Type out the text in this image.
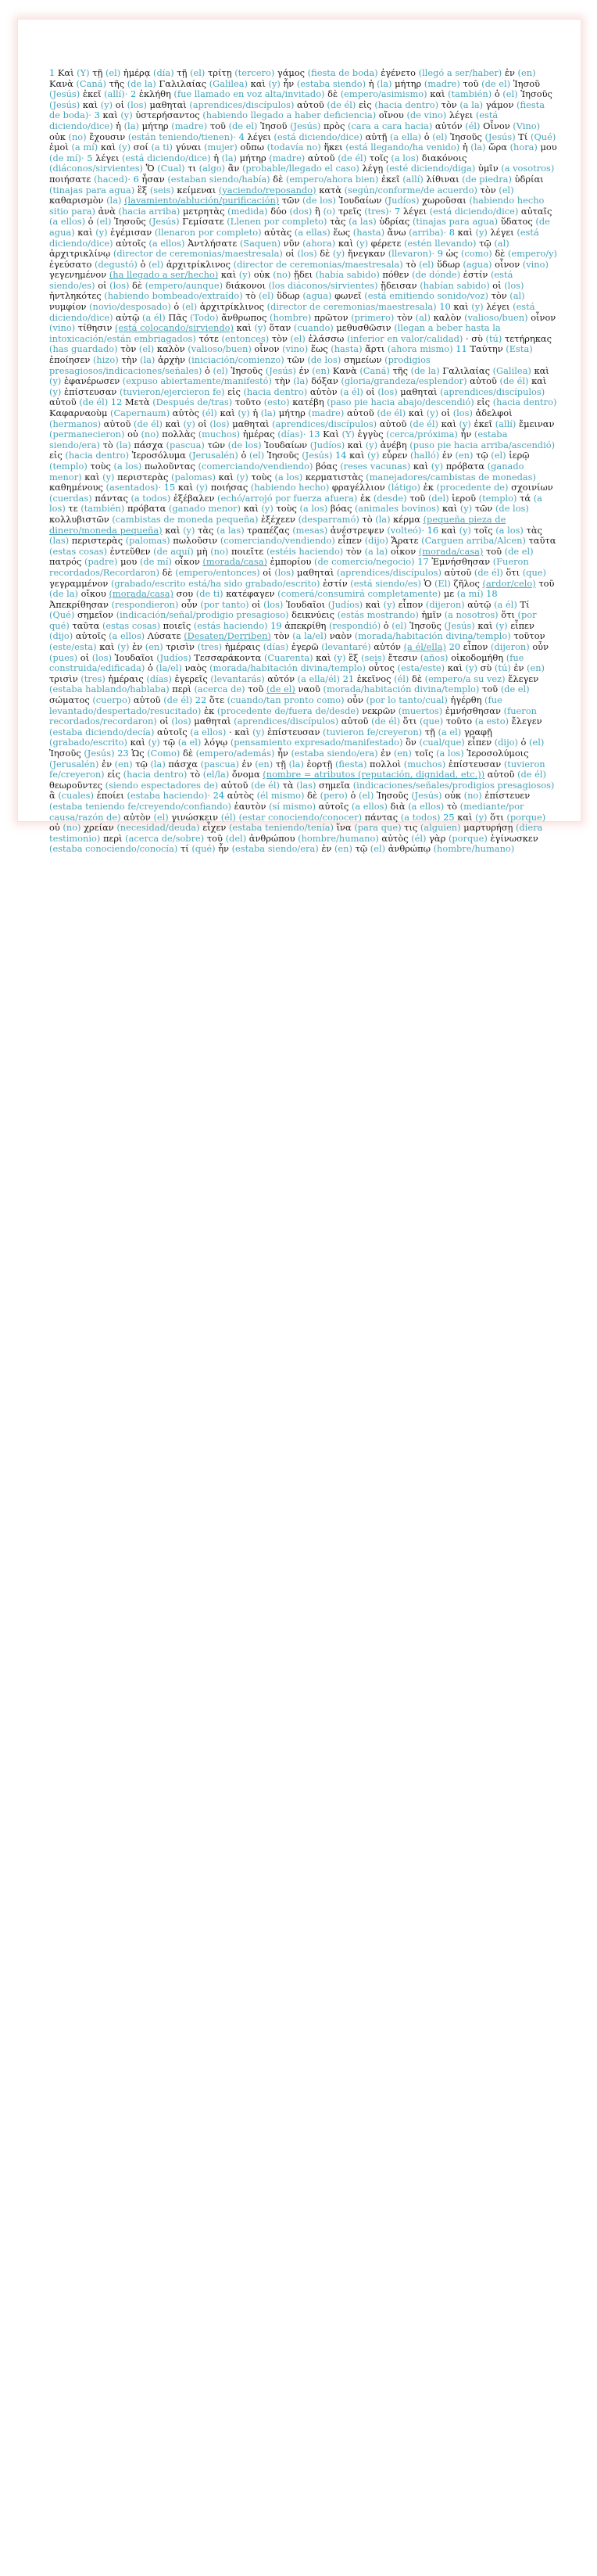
1 Καὶ (Y) τῇ (el) ἡμέρᾳ (día) τῇ (el) τρίτῃ (tercero) γάμος (fiesta de boda) ἐγένετο (llegó a ser/haber) ἐν (en) Κανὰ (Caná) τῆς (de la) Γαλιλαίας (Galilea) καὶ (y) ἦν (estaba siendo) ἡ (la) μήτηρ (madre) τοῦ (de el) Ἰησοῦ (Jesús) ἐκεῖ (allí)· 2 ἐκλήθη (fue llamado en voz alta/invitado) δὲ (empero/asimismo) καὶ (también) ὁ (el) Ἰησοῦς (Jesús) καὶ (y) οἱ (los) μαθηταὶ (aprendices/discípulos) αὐτοῦ (de él) εἰς (hacia dentro) τὸν (a la) γάμον (fiesta de boda)· 3 καὶ (y) ὑστερήσαντος (habiendo llegado a haber deficiencia) οἴνου (de vino) λέγει (está diciendo/dice) ἡ (la) μήτηρ (madre) τοῦ (de el) Ἰησοῦ (Jesús) πρὸς (cara a cara hacia) αὐτόν (él) Οἶνον (Vino) οὐκ (no) ἔχουσιν (están teniendo/tienen)· 4 λέγει (está diciendo/dice) αὐτῇ (a ella) ὁ (el) Ἰησοῦς (Jesús) Τί (Qué) ἐμοὶ (a mí) καὶ (y) σοί (a ti) γύναι (mujer) οὔπω (todavía no) ἥκει (está llegando/ha venido) ἡ (la) ὥρα (hora) μου (de mí)· 5 λέγει (está diciendo/dice) ἡ (la) μήτηρ (madre) αὐτοῦ (de él) τοῖς (a los) διακόνοις (diáconos/sirvientes) Ὅ (Cual) τι (algo) ἂν (probable/llegado el caso) λέγῃ (esté diciendo/diga) ὑμῖν (a vosotros) ποιήσατε (haced)· 6 ἦσαν (estaban siendo/había) δὲ (empero/ahora bien) ἐκεῖ (allí) λίθιναι (de piedra) ὑδρίαι (tinajas para agua) ἓξ (seis) κείμεναι (yaciendo/reposando) κατὰ (según/conforme/de acuerdo) τὸν (el) καθαρισμὸν (la) (lavamiento/ablución/purificación) τῶν (de los) Ἰουδαίων (Judíos) χωροῦσαι (habiendo hecho sitio para) ἀνὰ (hacia arriba) μετρητὰς (medida) δύο (dos) ἢ (o) τρεῖς (tres)· 7 λέγει (está diciendo/dice) αὐταῖς (a ellos) ὁ (el) Ἰησοῦς (Jesús) Γεμίσατε (Llenen por completo) τὰς (a las) ὑδρίας (tinajas para agua) ὕδατος (de agua) καὶ (y) ἐγέμισαν (llenaron por completo) αὐτὰς (a ellas) ἕως (hasta) ἄνω (arriba)· 8 καὶ (y) λέγει (está diciendo/dice) αὐτοῖς (a ellos) Ἀντλήσατε (Saquen) νῦν (ahora) καὶ (y) φέρετε (estén llevando) τῷ (al) ἀρχιτρικλίνῳ (director de ceremonias/maestresala) οἱ (los) δὲ (y) ἤνεγκαν (llevaron)· 9 ὡς (como) δὲ (empero/y) ἐγεύσατο (degustó) ὁ (el) ἀρχιτρίκλινος (director de ceremonias/maestresala) τὸ (el) ὕδωρ (agua) οἶνον (vino) γεγενημένον (ha llegado a ser/hecho) καὶ (y) οὐκ (no) ᾔδει (había sabido) πόθεν (de dónde) ἐστίν (está siendo/es) οἱ (los) δὲ (empero/aunque) διάκονοι (los diáconos/sirvientes) ᾔδεισαν (habían sabido) οἱ (los) ἠντληκότες (habiendo bombeado/extraído) τὸ (el) ὕδωρ (agua) φωνεῖ (está emitiendo sonido/voz) τὸν (al) νυμφίον (novio/desposado) ὁ (el) ἀρχιτρίκλινος (director de ceremonias/maestresala) 10 καὶ (y) λέγει (está diciendo/dice) αὐτῷ (a él) Πᾶς (Todo) ἄνθρωπος (hombre) πρῶτον (primero) τὸν (al) καλὸν (valioso/buen) οἶνον (vino) τίθησιν (está colocando/sirviendo) καὶ (y) ὅταν (cuando) μεθυσθῶσιν (llegan a beber hasta la intoxicación/están embriagados) τότε (entonces) τὸν (el) ἐλάσσω (inferior en valor/calidad) · σὺ (tú) τετήρηκας (has guardado) τὸν (el) καλὸν (valioso/buen) οἶνον (vino) ἕως (hasta) ἄρτι (ahora mismo) 11 Ταύτην (Esta) ἐποίησεν (hizo) τὴν (la) ἀρχὴν (iniciación/comienzo) τῶν (de los) σημείων (prodigios presagiosos/indicaciones/señales) ὁ (el) Ἰησοῦς (Jesús) ἐν (en) Κανὰ (Caná) τῆς (de la) Γαλιλαίας (Galilea) καὶ (y) ἐφανέρωσεν (expuso abiertamente/manifestó) τὴν (la) δόξαν (gloria/grandeza/esplendor) αὐτοῦ (de él) καὶ (y) ἐπίστευσαν (tuvieron/ejercieron fe) εἰς (hacia dentro) αὐτὸν (a él) οἱ (los) μαθηταὶ (aprendices/discípulos) αὐτοῦ (de él) 12 Μετὰ (Después de/tras) τοῦτο (esto) κατέβη (paso pie hacia abajo/descendió) εἰς (hacia dentro) Καφαρναοὺμ (Capernaum) αὐτὸς (él) καὶ (y) ἡ (la) μήτηρ (madre) αὐτοῦ (de él) καὶ (y) οἱ (los) ἀδελφοὶ (hermanos) αὐτοῦ (de él) καὶ (y) οἱ (los) μαθηταὶ (aprendices/discípulos) αὐτοῦ (de él) καὶ (y) ἐκεῖ (allí) ἔμειναν (permanecieron) οὐ (no) πολλὰς (muchos) ἡμέρας (días)· 13 Καὶ (Y) ἐγγὺς (cerca/próxima) ἦν (estaba siendo/era) τὸ (la) πάσχα (pascua) τῶν (de los) Ἰουδαίων (Judíos) καὶ (y) ἀνέβη (puso pie hacia arriba/ascendió) εἰς (hacia dentro) Ἱεροσόλυμα (Jerusalén) ὁ (el) Ἰησοῦς (Jesús) 14 καὶ (y) εὗρεν (halló) ἐν (en) τῷ (el) ἱερῷ (templo) τοὺς (a los) πωλοῦντας (comerciando/vendiendo) βόας (reses vacunas) καὶ (y) πρόβατα (ganado menor) καὶ (y) περιστερὰς (palomas) καὶ (y) τοὺς (a los) κερματιστὰς (manejadores/cambistas de monedas) καθημένους (asentados)· 15 καὶ (y) ποιήσας (habiendo hecho) φραγέλλιον (látigo) ἐκ (procedente de) σχοινίων (cuerdas) πάντας (a todos) ἐξέβαλεν (echó/arrojó por fuerza afuera) ἐκ (desde) τοῦ (del) ἱεροῦ (templo) τά (a los) τε (también) πρόβατα (ganado menor) καὶ (y) τοὺς (a los) βόας (animales bovinos) καὶ (y) τῶν (de los) κολλυβιστῶν (cambistas de moneda pequeña) ἐξέχεεν (desparramó) τὸ (la) κέρμα (pequeña pieza de dinero/moneda pequeña) καὶ (y) τὰς (a las) τραπέζας (mesas) ἀνέστρεψεν (volteó)· 16 καὶ (y) τοῖς (a los) τὰς (las) περιστερὰς (palomas) πωλοῦσιν (comerciando/vendiendo) εἶπεν (dijo) Ἄρατε (Carguen arriba/Alcen) ταῦτα (estas cosas) ἐντεῦθεν (de aquí) μὴ (no) ποιεῖτε (estéis haciendo) τὸν (a la) οἶκον (morada/casa) τοῦ (de el) πατρός (padre) μου (de mí) οἶκον (morada/casa) ἐμπορίου (de comercio/negocio) 17 Ἐμνήσθησαν (Fueron recordados/Recordaron) δὲ (empero/entonces) οἱ (los) μαθηταὶ (aprendices/discípulos) αὐτοῦ (de él) ὅτι (que) γεγραμμένον (grabado/escrito está/ha sido grabado/escrito) ἐστίν (está siendo/es) Ὁ (El) ζῆλος (ardor/celo) τοῦ (de la) οἴκου (morada/casa) σου (de ti) κατέφαγεν (comerá/consumirá completamente) με (a mí) 18 Ἀπεκρίθησαν (respondieron) οὖν (por tanto) οἱ (los) Ἰουδαῖοι (Judíos) καὶ (y) εἶπον (dijeron) αὐτῷ (a él) Τί (Qué) σημεῖον (indicación/señal/prodigio presagioso) δεικνύεις (estás mostrando) ἡμῖν (a nosotros) ὅτι (por qué) ταῦτα (estas cosas) ποιεῖς (estás haciendo) 19 ἀπεκρίθη (respondió) ὁ (el) Ἰησοῦς (Jesús) καὶ (y) εἶπεν (dijo) αὐτοῖς (a ellos) Λύσατε (Desaten/Derriben) τὸν (a la/el) ναὸν (morada/habitación divina/templo) τοῦτον (este/esta) καὶ (y) ἐν (en) τρισὶν (tres) ἡμέραις (días) ἐγερῶ (levantaré) αὐτόν (a él/ella) 20 εἶπον (dijeron) οὖν (pues) οἱ (los) Ἰουδαῖοι (Judíos) Τεσσαράκοντα (Cuarenta) καὶ (y) ἓξ (seis) ἔτεσιν (años) οἰκοδομήθη (fue construida/edificada) ὁ (la/el) ναὸς (morada/habitación divina/templo) οὗτος (esta/este) καὶ (y) σὺ (tú) ἐν (en) τρισὶν (tres) ἡμέραις (días) ἐγερεῖς (levantarás) αὐτόν (a ella/él) 21 ἐκεῖνος (él) δὲ (empero/a su vez) ἔλεγεν (estaba hablando/hablaba) περὶ (acerca de) τοῦ (de el) ναοῦ (morada/habitación divina/templo) τοῦ (de el) σώματος (cuerpo) αὐτοῦ (de él) 22 ὅτε (cuando/tan pronto como) οὖν (por lo tanto/cual) ἠγέρθη (fue levantado/despertado/resucitado) ἐκ (procedente de/fuera de/desde) νεκρῶν (muertos) ἐμνήσθησαν (fueron recordados/recordaron) οἱ (los) μαθηταὶ (aprendices/discípulos) αὐτοῦ (de él) ὅτι (que) τοῦτο (a esto) ἔλεγεν (estaba diciendo/decía) αὐτοῖς (a ellos) · καὶ (y) ἐπίστευσαν (tuvieron fe/creyeron) τῇ (a el) γραφῇ (grabado/escrito) καὶ (y) τῷ (a el) λόγῳ (pensamiento expresado/manifestado) ὃν (cual/que) εἶπεν (dijo) ὁ (el) Ἰησοῦς (Jesús) 23 Ὡς (Como) δὲ (empero/además) ἦν (estaba siendo/era) ἐν (en) τοῖς (a los) Ἱεροσολύμοις (Jerusalén) ἐν (en) τῷ (la) πάσχα (pascua) ἐν (en) τῇ (la) ἑορτῇ (fiesta) πολλοὶ (muchos) ἐπίστευσαν (tuvieron fe/creyeron) εἰς (hacia dentro) τὸ (el/la) ὄνομα (nombre = atributos (reputación, dignidad, etc.)) αὐτοῦ (de él) θεωροῦντες (siendo espectadores de) αὐτοῦ (de él) τὰ (las) σημεῖα (indicaciones/señales/prodigios presagiosos) ἃ (cuales) ἐποίει (estaba haciendo)· 24 αὐτὸς (él mismo) δὲ (pero) ὁ (el) Ἰησοῦς (Jesús) οὐκ (no) ἐπίστευεν (estaba teniendo fe/creyendo/confiando) ἑαυτὸν (sí mismo) αὐτοῖς (a ellos) διὰ (a ellos) τὸ (mediante/por causa/razón de) αὐτὸν (el) γινώσκειν (él) (estar conociendo/conocer) πάντας (a todos) 25 καὶ (y) ὅτι (porque) οὐ (no) χρείαν (necesidad/deuda) εἶχεν (estaba teniendo/tenía) ἵνα (para que) τις (alguien) μαρτυρήσῃ (diera testimonio) περὶ (acerca de/sobre) τοῦ (del) ἀνθρώπου (hombre/humano) αὐτὸς (él) γὰρ (porque) ἐγίνωσκεν (estaba conociendo/conocía) τί (qué) ἦν (estaba siendo/era) ἐν (en) τῷ (el) ἀνθρώπῳ (hombre/humano)
